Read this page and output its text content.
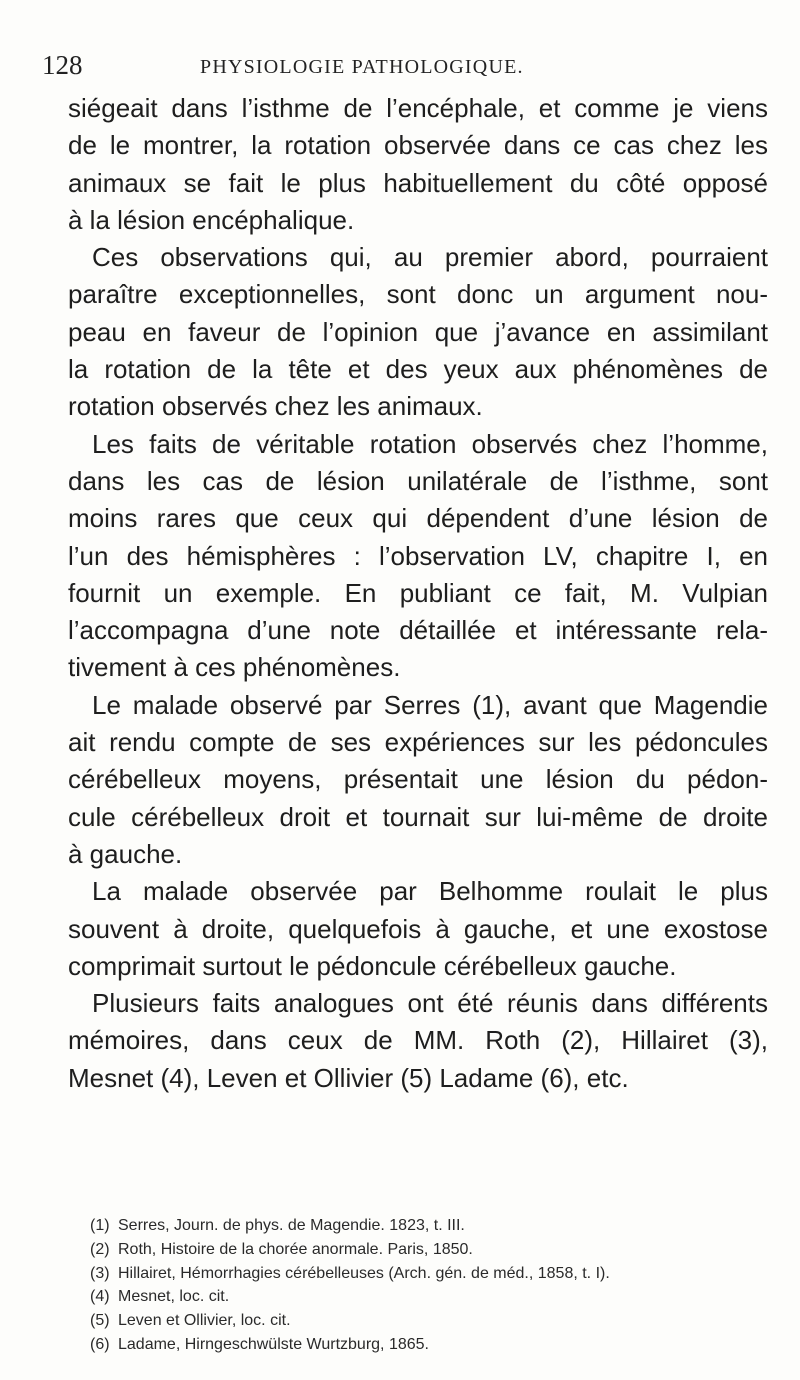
128	PHYSIOLOGIE PATHOLOGIQUE.
siégeait dans l’isthme de l’encéphale, et comme je viens
de le montrer, la rotation observée dans ce cas chez les
animaux se fait le plus habituellement du côté opposé
à la lésion encéphalique.
Ces observations qui, au premier abord, pourraient
paraître exceptionnelles, sont donc un argument nou-
peau en faveur de l’opinion que j’avance en assimilant
la rotation de la tête et des yeux aux phénomènes de
rotation observés chez les animaux.
Les faits de véritable rotation observés chez l’homme,
dans les cas de lésion unilatérale de l’isthme, sont
moins rares que ceux qui dépendent d’une lésion de
l’un des hémisphères : l’observation LV, chapitre I, en
fournit un exemple. En publiant ce fait, M. Vulpian
l’accompagna d’une note détaillée et intéressante rela-
tivement à ces phénomènes.
Le malade observé par Serres (1), avant que Magendie
ait rendu compte de ses expériences sur les pédoncules
cérébelleux moyens, présentait une lésion du pédon-
cule cérébelleux droit et tournait sur lui-même de droite
à gauche.
La malade observée par Belhomme roulait le plus
souvent à droite, quelquefois à gauche, et une exostose
comprimait surtout le pédoncule cérébelleux gauche.
Plusieurs faits analogues ont été réunis dans différents
mémoires, dans ceux de MM. Roth (2), Hillairet (3),
Mesnet (4), Leven et Ollivier (5) Ladame (6), etc.
(1) Serres, Journ. de phys. de Magendie. 1823, t. III.
(2) Roth, Histoire de la chorée anormale. Paris, 1850.
(3) Hillairet, Hémorrhagies cérébelleuses (Arch. gén. de méd., 1858, t. I).
(4) Mesnet, loc. cit.
(5) Leven et Ollivier, loc. cit.
(6) Ladame, Hirngeschwülste Wurtzburg, 1865.
